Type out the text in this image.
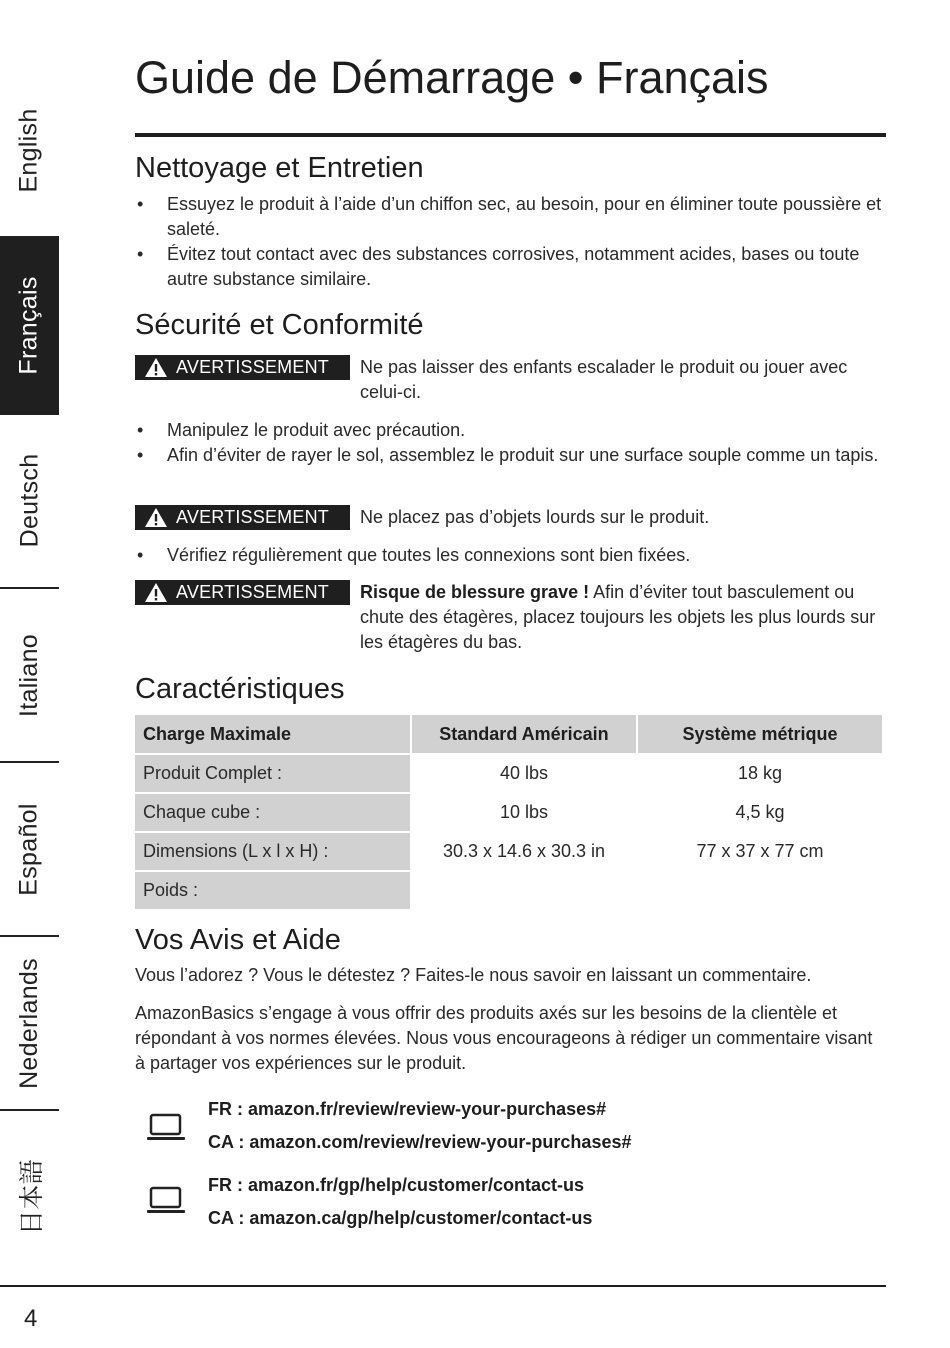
English
Français
Deutsch
Italiano
Español
Nederlands
日本語
Guide de Démarrage • Français
Nettoyage et Entretien
• Essuyez le produit à l’aide d’un chiffon sec, au besoin, pour en éliminer toute poussière et saleté.
• Évitez tout contact avec des substances corrosives, notamment acides, bases ou toute autre substance similaire.
Sécurité et Conformité
AVERTISSEMENT Ne pas laisser des enfants escalader le produit ou jouer avec celui-ci.
• Manipulez le produit avec précaution.
• Afin d’éviter de rayer le sol, assemblez le produit sur une surface souple comme un tapis.
AVERTISSEMENT Ne placez pas d’objets lourds sur le produit.
• Vérifiez régulièrement que toutes les connexions sont bien fixées.
AVERTISSEMENT Risque de blessure grave ! Afin d’éviter tout basculement ou chute des étagères, placez toujours les objets les plus lourds sur les étagères du bas.
Caractéristiques
Charge Maximale	Standard Américain	Système métrique
Produit Complet :	40 lbs	18 kg
Chaque cube :	10 lbs	4,5 kg
Dimensions (L x l x H) :	30.3 x 14.6 x 30.3 in	77 x 37 x 77 cm
Poids :		
Vos Avis et Aide

Vous l’adorez ? Vous le détestez ? Faites-le nous savoir en laissant un commentaire.

AmazonBasics s’engage à vous offrir des produits axés sur les besoins de la clientèle et répondant à vos normes élevées. Nous vous encourageons à rédiger un commentaire visant à partager vos expériences sur le produit.

FR : amazon.fr/review/review-your-purchases#
CA : amazon.com/review/review-your-purchases#
FR : amazon.fr/gp/help/customer/contact-us
CA : amazon.ca/gp/help/customer/contact-us
4
